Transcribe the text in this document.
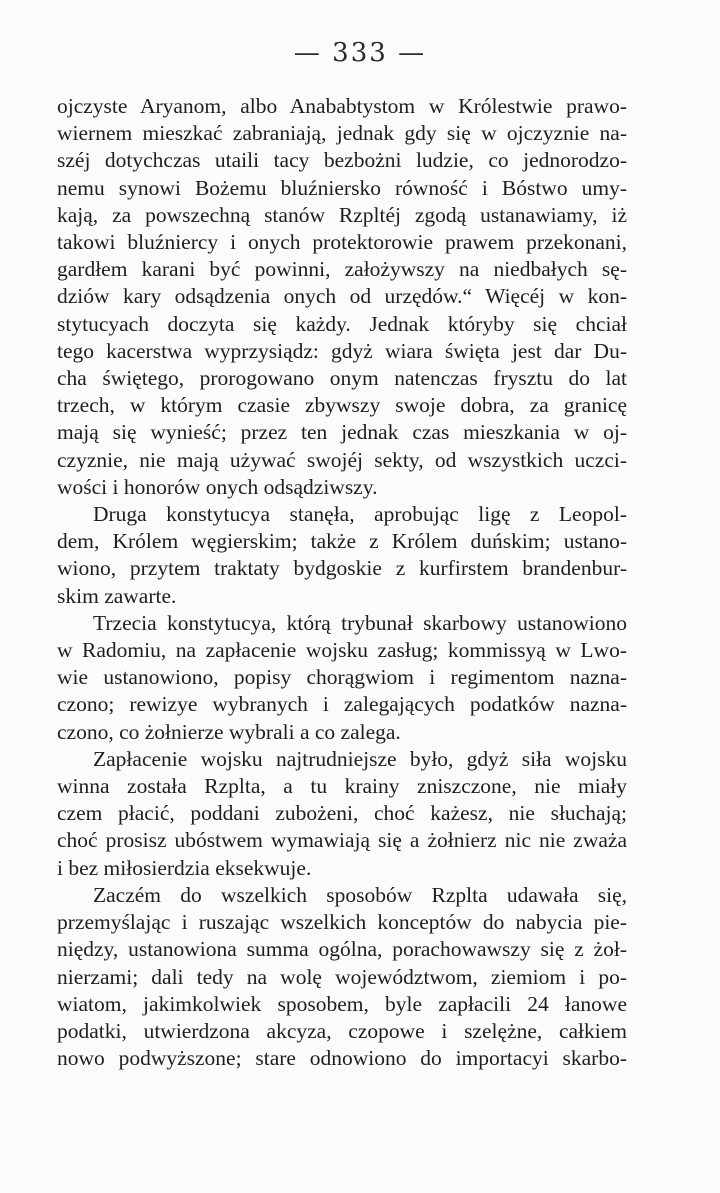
— 333 —

ojczyste Aryanom, albo Anababtystom w Królestwie prawo-
wiernem mieszkać zabraniają, jednak gdy się w ojczyznie na-
széj dotychczas utaili tacy bezbożni ludzie, co jednorodzo-
nemu synowi Bożemu bluźniersko równość i Bóstwo umy-
kają, za powszechną stanów Rzpltéj zgodą ustanawiamy, iż
takowi bluźniercy i onych protektorowie prawem przekonani,
gardłem karani być powinni, założywszy na niedbałych sę-
dziów kary odsądzenia onych od urzędów.“ Więcéj w kon-
stytucyach doczyta się każdy. Jednak któryby się chciał
tego kacerstwa wyprzysiądz: gdyż wiara święta jest dar Du-
cha świętego, prorogowano onym natenczas frysztu do lat
trzech, w którym czasie zbywszy swoje dobra, za granicę
mają się wynieść; przez ten jednak czas mieszkania w oj-
czyznie, nie mają używać swojéj sekty, od wszystkich uczci-
wości i honorów onych odsądziwszy.

Druga konstytucya stanęła, aprobując ligę z Leopol-
dem, Królem węgierskim; także z Królem duńskim; ustano-
wiono, przytem traktaty bydgoskie z kurfirstem brandenbur-
skim zawarte.

Trzecia konstytucya, którą trybunał skarbowy ustanowiono
w Radomiu, na zapłacenie wojsku zasług; kommissyą w Lwo-
wie ustanowiono, popisy chorągwiom i regimentom nazna-
czono; rewizye wybranych i zalegających podatków nazna-
czono, co żołnierze wybrali a co zalega.

Zapłacenie wojsku najtrudniejsze było, gdyż siła wojsku
winna została Rzplta, a tu krainy zniszczone, nie miały
czem płacić, poddani zubożeni, choć każesz, nie słuchają;
choć prosisz ubóstwem wymawiają się a żołnierz nic nie zważa
i bez miłosierdzia eksekwuje.

Zaczém do wszelkich sposobów Rzplta udawała się,
przemyślając i ruszając wszelkich konceptów do nabycia pie-
niędzy, ustanowiona summa ogólna, porachowawszy się z żoł-
nierzami; dali tedy na wolę województwom, ziemiom i po-
wiatom, jakimkolwiek sposobem, byle zapłacili 24 łanowe
podatki, utwierdzona akcyza, czopowe i szelężne, całkiem
nowo podwyższone; stare odnowiono do importacyi skarbo-
